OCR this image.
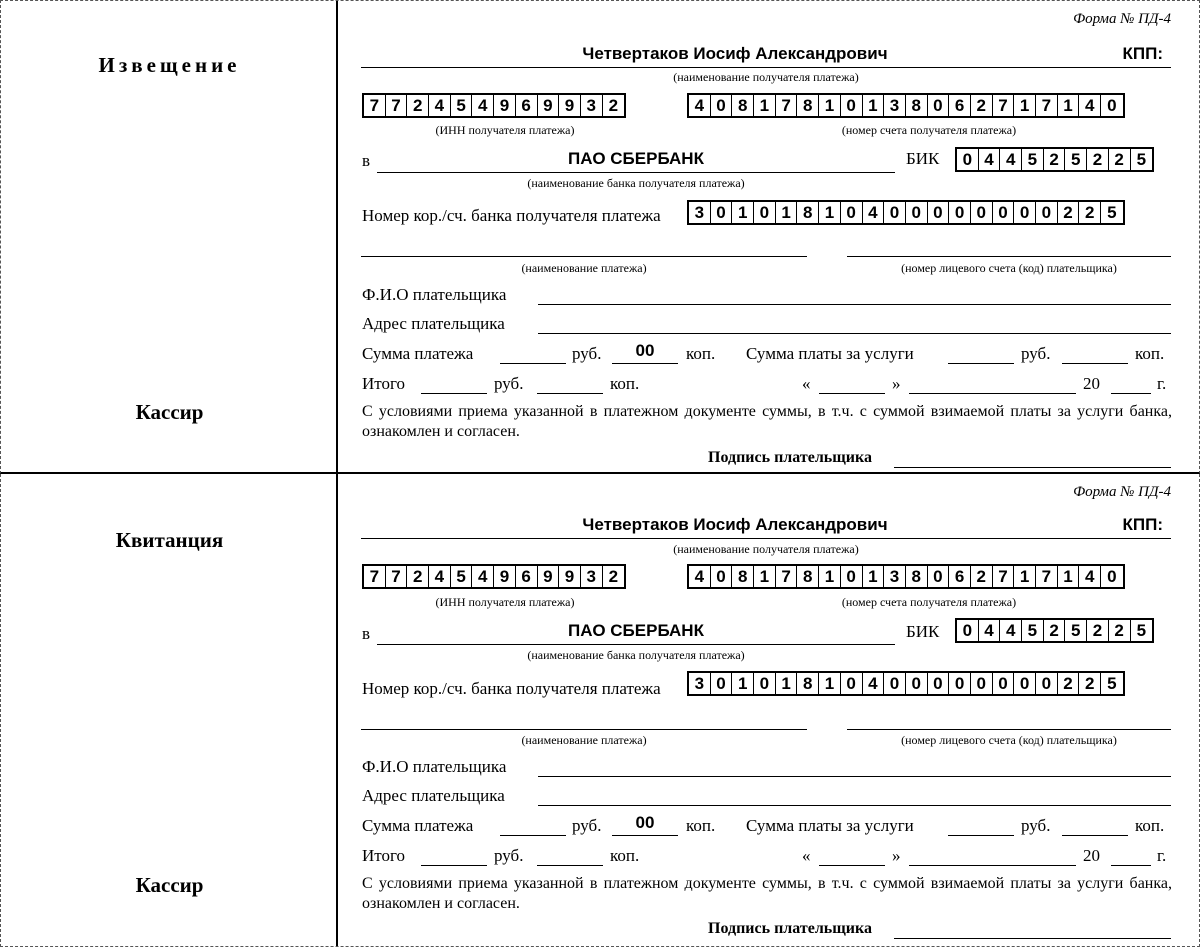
Извещение
Кассир
Форма № ПД-4
Четвертаков Иосиф Александрович	КПП:
(наименование получателя платежа)
7 7 2 4 5 4 9 6 9 9 3 2	4 0 8 1 7 8 1 0 1 3 8 0 6 2 7 1 7 1 4 0
(ИНН получателя платежа)	(номер счета получателя платежа)
в	ПАО СБЕРБАНК
(наименование банка получателя платежа)
БИК	0 4 4 5 2 5 2 2 5
Номер кор./сч. банка получателя платежа	3 0 1 0 1 8 1 0 4 0 0 0 0 0 0 0 0 2 2 5
(наименование платежа)	(номер лицевого счета (код) плательщика)
Ф.И.О плательщика
Адрес плательщика
Сумма платежа	руб.	00	коп. Сумма платы за услуги	руб.	коп.
Итого	руб.	коп.	«	»	20	г.
С условиями приема указанной в платежном документе суммы, в т.ч. с суммой взимаемой платы за услуги банка, ознакомлен и согласен.
Подпись плательщика
Квитанция
Кассир
Форма № ПД-4
Четвертаков Иосиф Александрович	КПП:
(наименование получателя платежа)
7 7 2 4 5 4 9 6 9 9 3 2	4 0 8 1 7 8 1 0 1 3 8 0 6 2 7 1 7 1 4 0
(ИНН получателя платежа)	(номер счета получателя платежа)
в	ПАО СБЕРБАНК
(наименование банка получателя платежа)
БИК	0 4 4 5 2 5 2 2 5
Номер кор./сч. банка получателя платежа	3 0 1 0 1 8 1 0 4 0 0 0 0 0 0 0 0 2 2 5
(наименование платежа)	(номер лицевого счета (код) плательщика)
Ф.И.О плательщика
Адрес плательщика
Сумма платежа	руб.	00	коп. Сумма платы за услуги	руб.	коп.
Итого	руб.	коп.	«	»	20	г.
С условиями приема указанной в платежном документе суммы, в т.ч. с суммой взимаемой платы за услуги банка, ознакомлен и согласен.
Подпись плательщика
